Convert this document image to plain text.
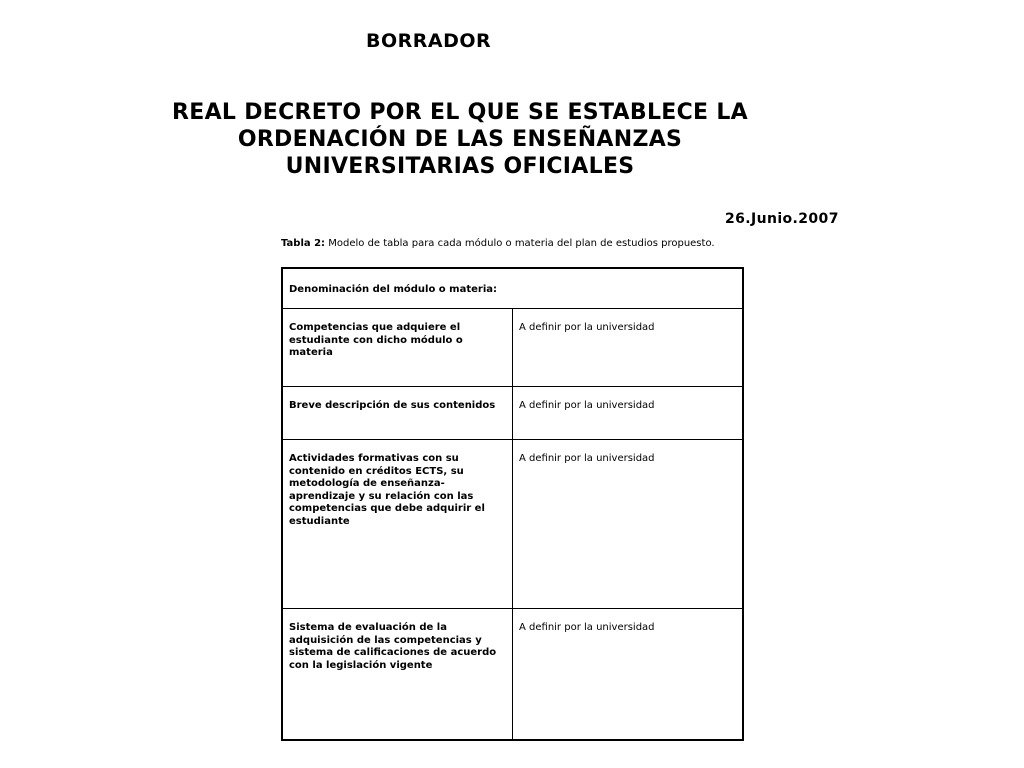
BORRADOR
REAL DECRETO POR EL QUE SE ESTABLECE LA
ORDENACIÓN DE LAS ENSEÑANZAS
UNIVERSITARIAS OFICIALES
26.Junio.2007
Tabla 2: Modelo de tabla para cada módulo o materia del plan de estudios propuesto.
Denominación del módulo o materia:	
Competencias que adquiere el estudiante con dicho módulo o materia	A definir por la universidad
Breve descripción de sus contenidos	A definir por la universidad
Actividades formativas con su contenido en créditos ECTS, su metodología de enseñanza-aprendizaje y su relación con las competencias que debe adquirir el estudiante	A definir por la universidad
Sistema de evaluación de la adquisición de las competencias y sistema de calificaciones de acuerdo con la legislación vigente	A definir por la universidad
